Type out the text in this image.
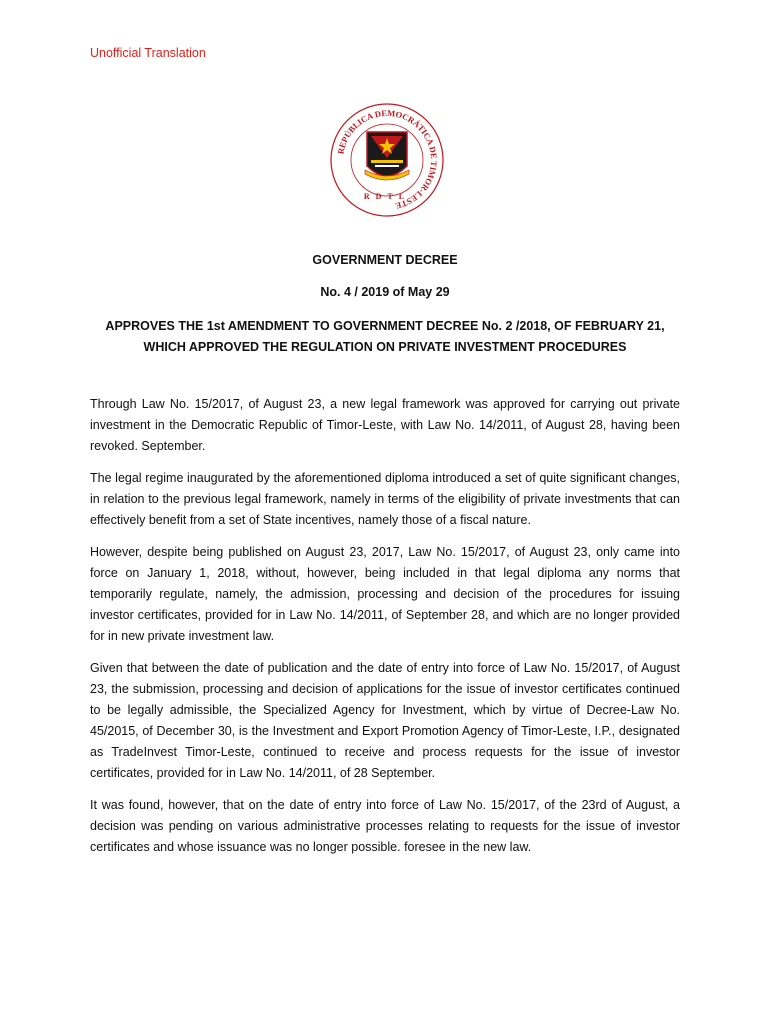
Unofficial Translation
REPÚBLICA DEMOCRÁTICA DE TIMOR-LESTE
RDTL
GOVERNMENT DECREE
No. 4 / 2019 of May 29
APPROVES THE 1st AMENDMENT TO GOVERNMENT DECREE No. 2 /2018, OF FEBRUARY 21,
WHICH APPROVED THE REGULATION ON PRIVATE INVESTMENT PROCEDURES

Through Law No. 15/2017, of August 23, a new legal framework was approved for carrying out private investment in the Democratic Republic of Timor-Leste, with Law No. 14/2011, of August 28, having been revoked. September.

The legal regime inaugurated by the aforementioned diploma introduced a set of quite significant changes, in relation to the previous legal framework, namely in terms of the eligibility of private investments that can effectively benefit from a set of State incentives, namely those of a fiscal nature.

However, despite being published on August 23, 2017, Law No. 15/2017, of August 23, only came into force on January 1, 2018, without, however, being included in that legal diploma any norms that temporarily regulate, namely, the admission, processing and decision of the procedures for issuing investor certificates, provided for in Law No. 14/2011, of September 28, and which are no longer provided for in new private investment law.

Given that between the date of publication and the date of entry into force of Law No. 15/2017, of August 23, the submission, processing and decision of applications for the issue of investor certificates continued to be legally admissible, the Specialized Agency for Investment, which by virtue of Decree-Law No. 45/2015, of December 30, is the Investment and Export Promotion Agency of Timor-Leste, I.P., designated as TradeInvest Timor-Leste, continued to receive and process requests for the issue of investor certificates, provided for in Law No. 14/2011, of 28 September.

It was found, however, that on the date of entry into force of Law No. 15/2017, of the 23rd of August, a decision was pending on various administrative processes relating to requests for the issue of investor certificates and whose issuance was no longer possible. foresee in the new law.
